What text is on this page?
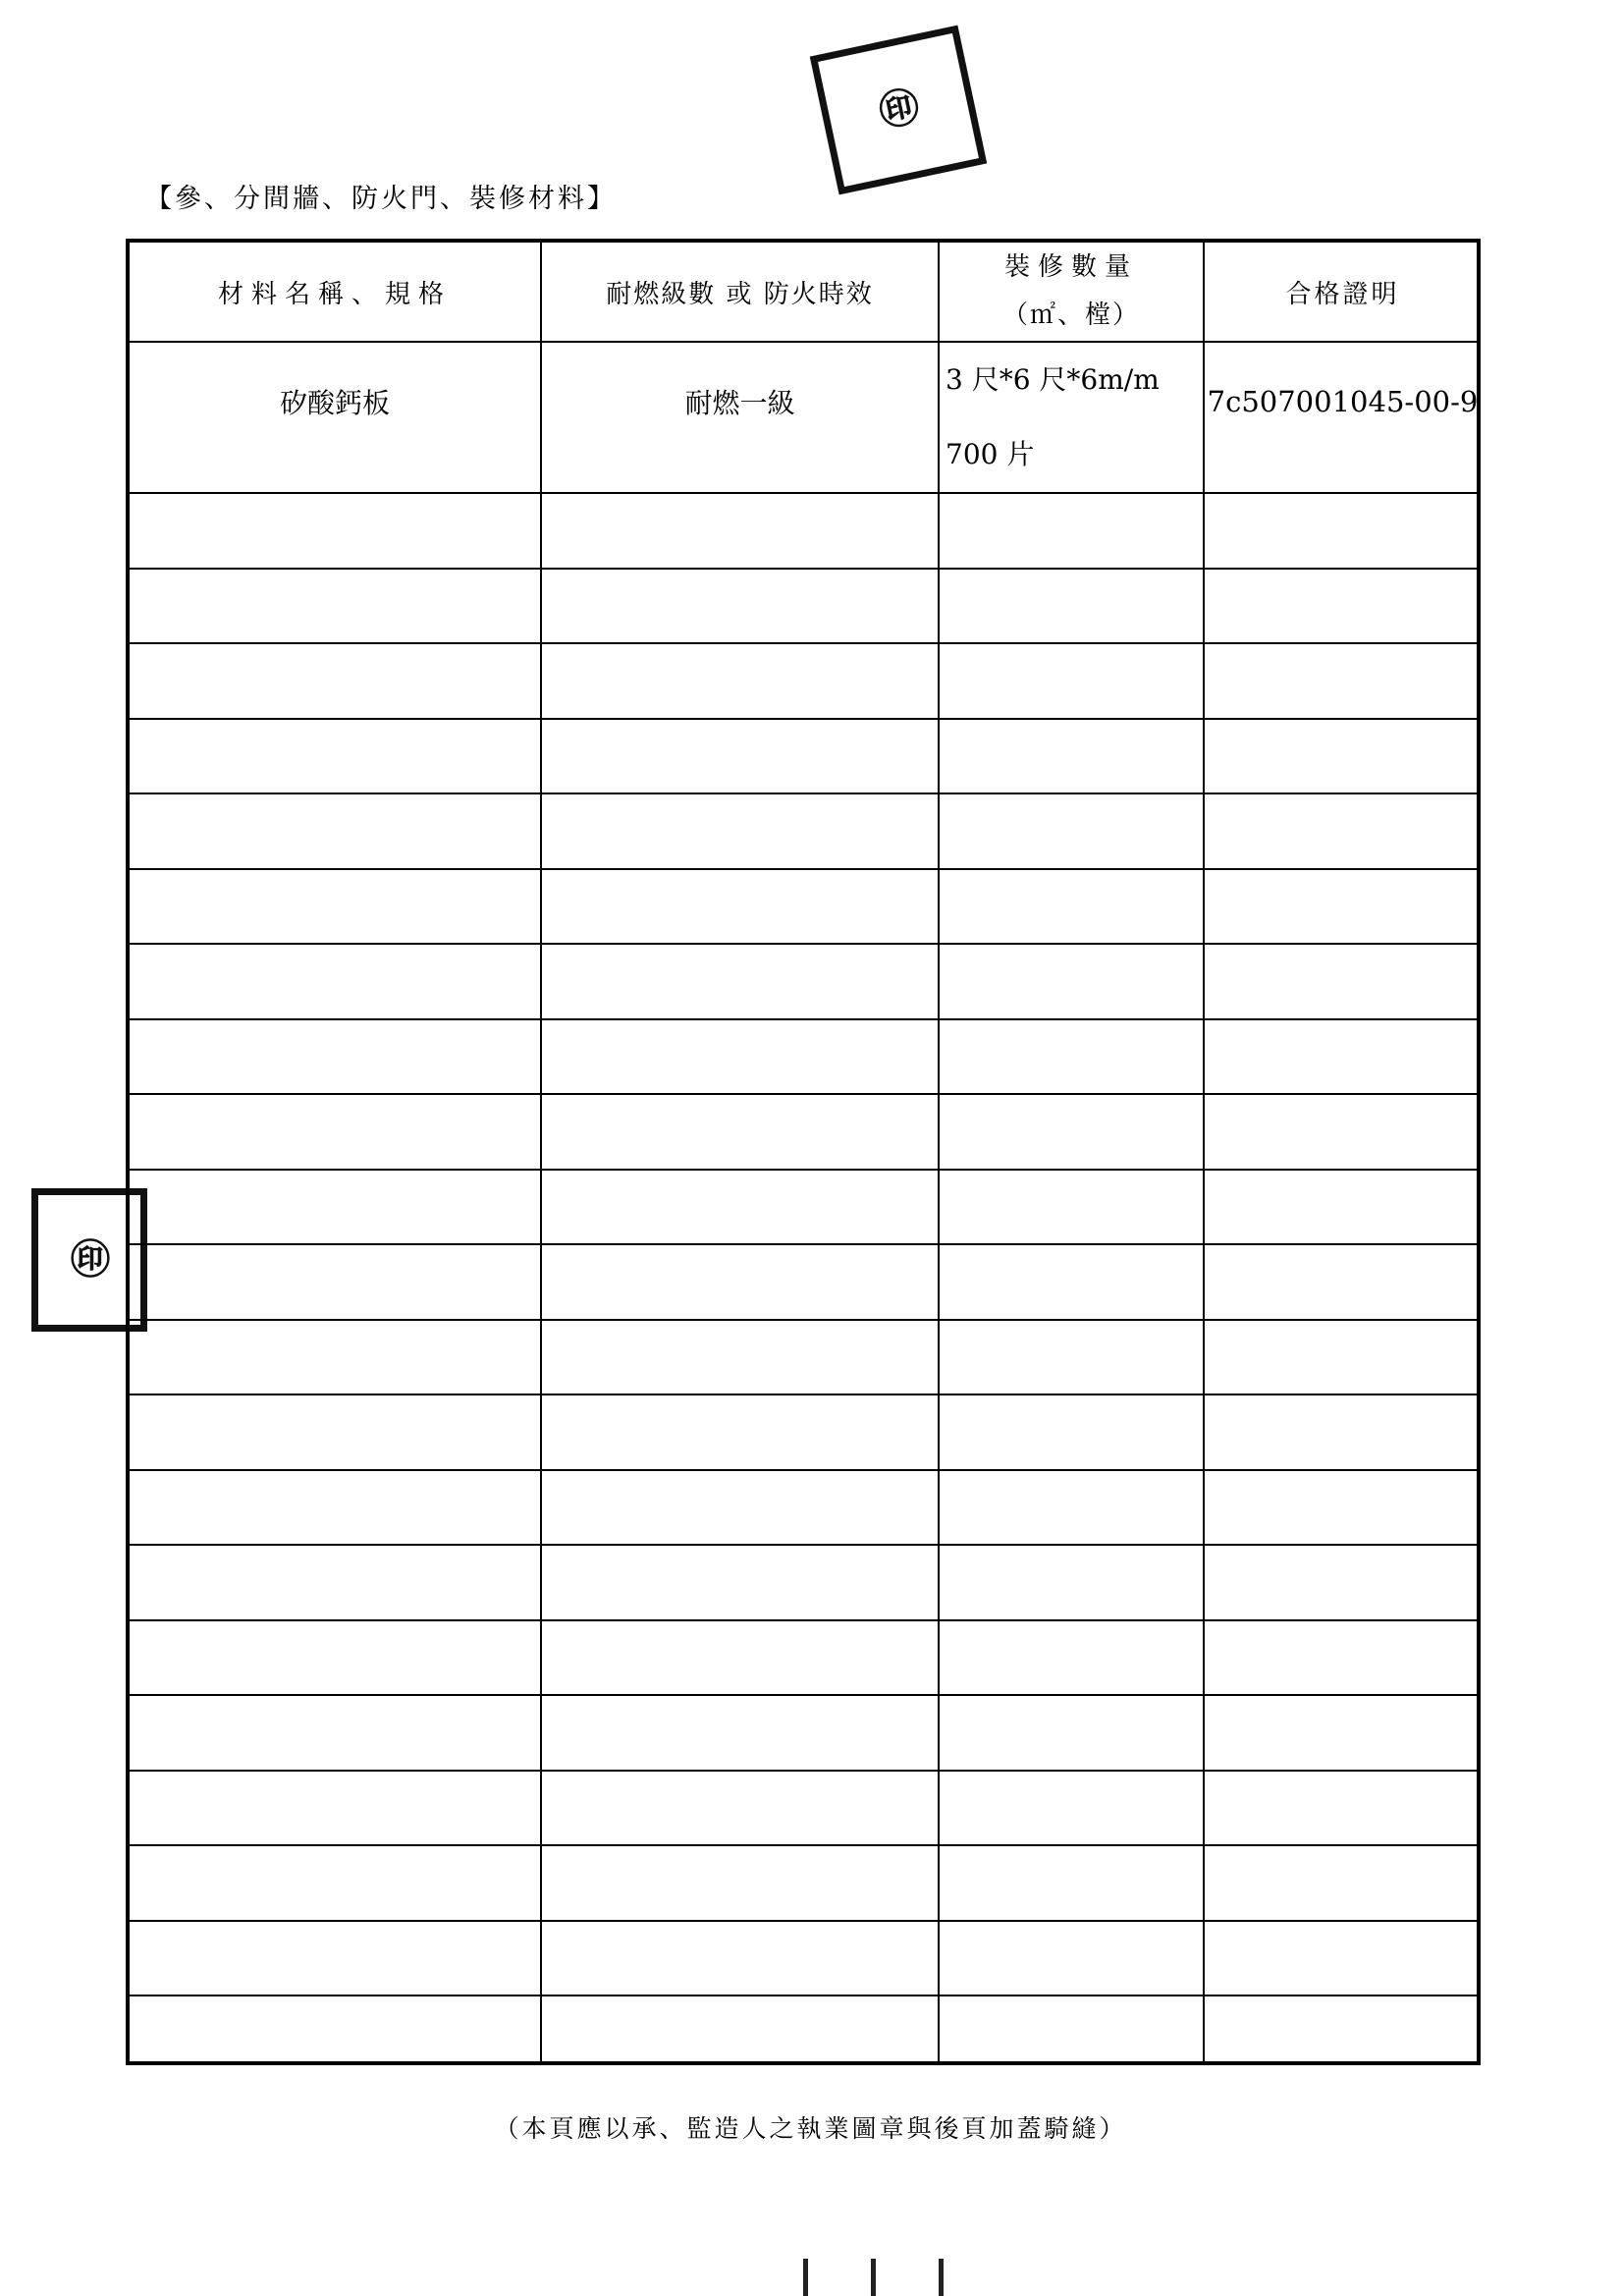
【參、分間牆、防火門、裝修材料】
㊞
㊞
材料名稱、規格	耐燃級數 或 防火時效
裝修數量
（㎡、樘）
合格證明
矽酸鈣板	耐燃一級
3 尺*6 尺*6m/m
700 片
7c507001045-00-9
（本頁應以承、監造人之執業圖章與後頁加蓋騎縫）
